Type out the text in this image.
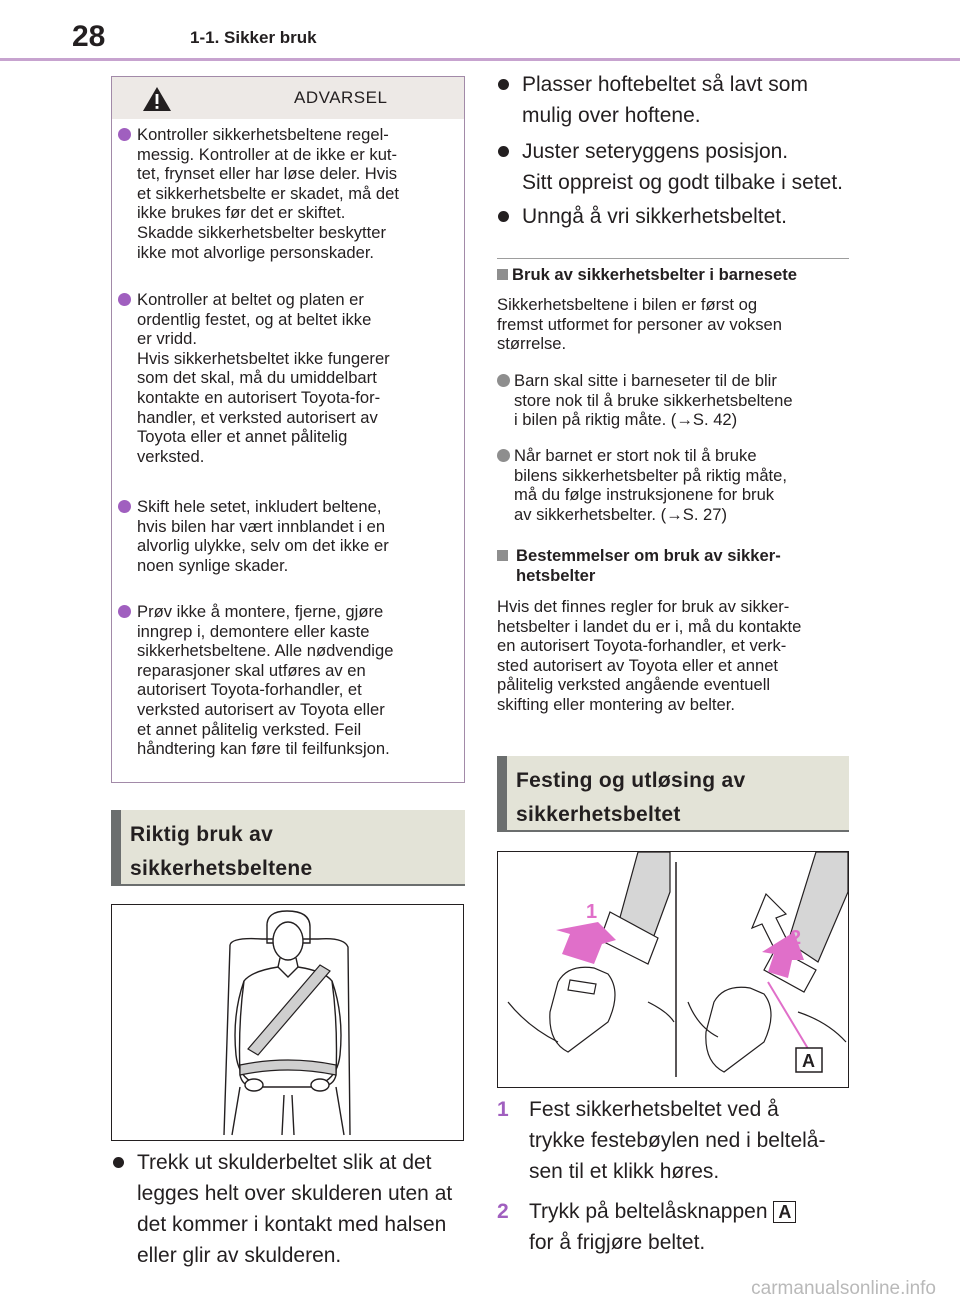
28	1-1. Sikker bruk
ADVARSEL
Kontroller sikkerhetsbeltene regel-
messig. Kontroller at de ikke er kut-
tet, frynset eller har løse deler. Hvis
et sikkerhetsbelte er skadet, må det
ikke brukes før det er skiftet.
Skadde sikkerhetsbelter beskytter
ikke mot alvorlige personskader.
Kontroller at beltet og platen er
ordentlig festet, og at beltet ikke
er vridd.
Hvis sikkerhetsbeltet ikke fungerer
som det skal, må du umiddelbart
kontakte en autorisert Toyota-for-
handler, et verksted autorisert av
Toyota eller et annet pålitelig
verksted.
Skift hele setet, inkludert beltene,
hvis bilen har vært innblandet i en
alvorlig ulykke, selv om det ikke er
noen synlige skader.
Prøv ikke å montere, fjerne, gjøre
inngrep i, demontere eller kaste
sikkerhetsbeltene. Alle nødvendige
reparasjoner skal utføres av en
autorisert Toyota-forhandler, et
verksted autorisert av Toyota eller
et annet pålitelig verksted. Feil
håndtering kan føre til feilfunksjon.
Riktig bruk av
sikkerhetsbeltene
Trekk ut skulderbeltet slik at det
legges helt over skulderen uten at
det kommer i kontakt med halsen
eller glir av skulderen.
Plasser hoftebeltet så lavt som
mulig over hoftene.
Juster seteryggens posisjon.
Sitt oppreist og godt tilbake i setet.
Unngå å vri sikkerhetsbeltet.
Bruk av sikkerhetsbelter i barnesete
Sikkerhetsbeltene i bilen er først og
fremst utformet for personer av voksen
størrelse.
Barn skal sitte i barneseter til de blir
store nok til å bruke sikkerhetsbeltene
i bilen på riktig måte. (→S. 42)
Når barnet er stort nok til å bruke
bilens sikkerhetsbelter på riktig måte,
må du følge instruksjonene for bruk
av sikkerhetsbelter. (→S. 27)
Bestemmelser om bruk av sikker-
hetsbelter
Hvis det finnes regler for bruk av sikker-
hetsbelter i landet du er i, må du kontakte
en autorisert Toyota-forhandler, et verk-
sted autorisert av Toyota eller et annet
pålitelig verksted angående eventuell
skifting eller montering av belter.
Festing og utløsing av
sikkerhetsbeltet
1
2
A
1 Fest sikkerhetsbeltet ved å
trykke festebøylen ned i beltelå-
sen til et klikk høres.
2 Trykk på beltelåsknappen A
for å frigjøre beltet.
carmanualsonline.info
